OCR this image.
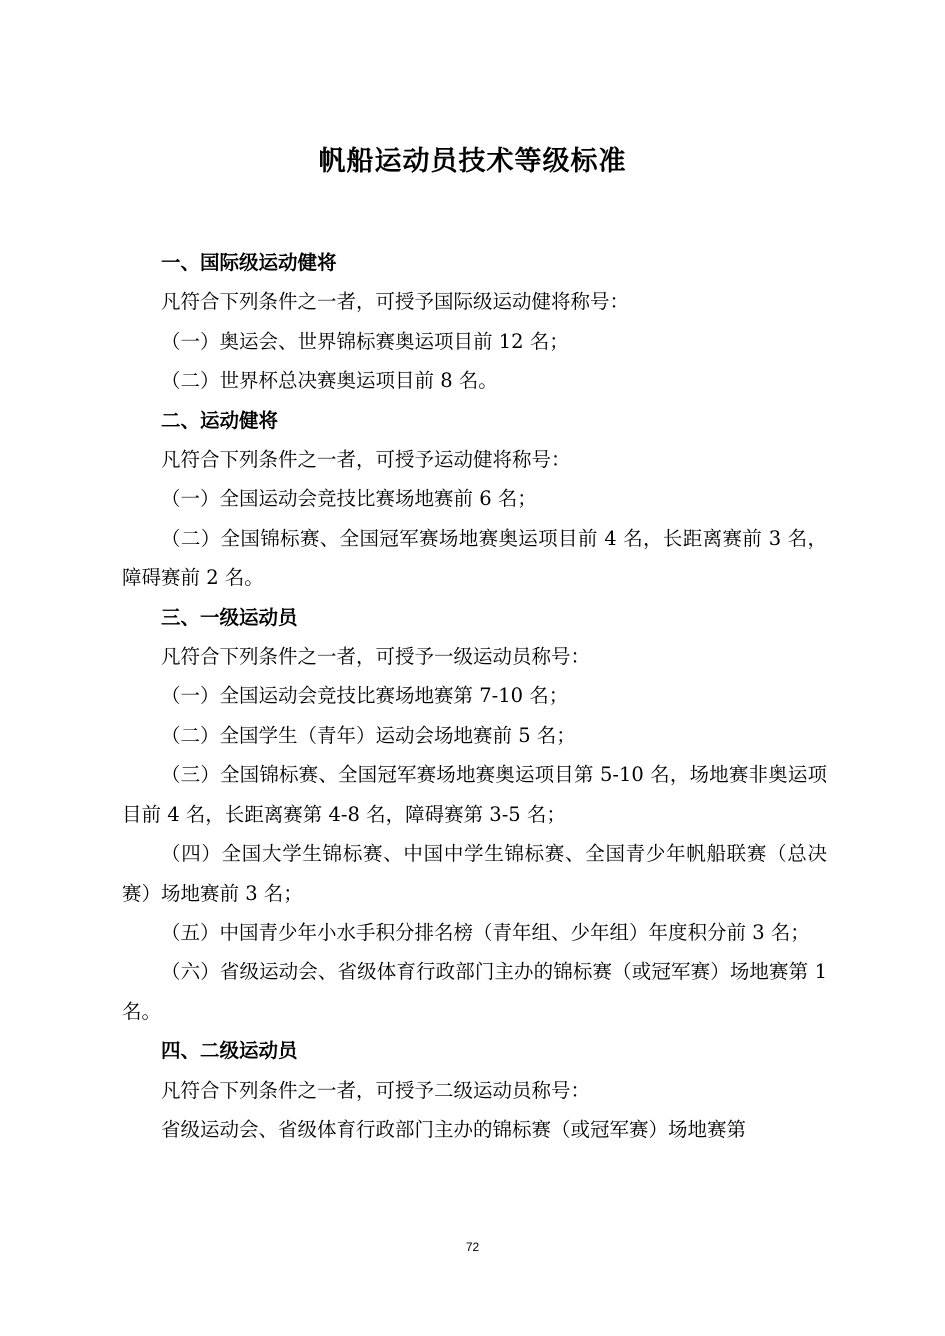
帆船运动员技术等级标准

一、国际级运动健将

凡符合下列条件之一者，可授予国际级运动健将称号：

（一）奥运会、世界锦标赛奥运项目前 12 名；

（二）世界杯总决赛奥运项目前 8 名。

二、运动健将

凡符合下列条件之一者，可授予运动健将称号：

（一）全国运动会竞技比赛场地赛前 6 名；

（二）全国锦标赛、全国冠军赛场地赛奥运项目前 4 名，长距离赛前 3 名，障碍赛前 2 名。

三、一级运动员

凡符合下列条件之一者，可授予一级运动员称号：

（一）全国运动会竞技比赛场地赛第 7-10 名；

（二）全国学生（青年）运动会场地赛前 5 名；

（三）全国锦标赛、全国冠军赛场地赛奥运项目第 5-10 名，场地赛非奥运项目前 4 名，长距离赛第 4-8 名，障碍赛第 3-5 名；

（四）全国大学生锦标赛、中国中学生锦标赛、全国青少年帆船联赛（总决赛）场地赛前 3 名；

（五）中国青少年小水手积分排名榜（青年组、少年组）年度积分前 3 名；

（六）省级运动会、省级体育行政部门主办的锦标赛（或冠军赛）场地赛第 1 名。

四、二级运动员

凡符合下列条件之一者，可授予二级运动员称号：

省级运动会、省级体育行政部门主办的锦标赛（或冠军赛）场地赛第

72
